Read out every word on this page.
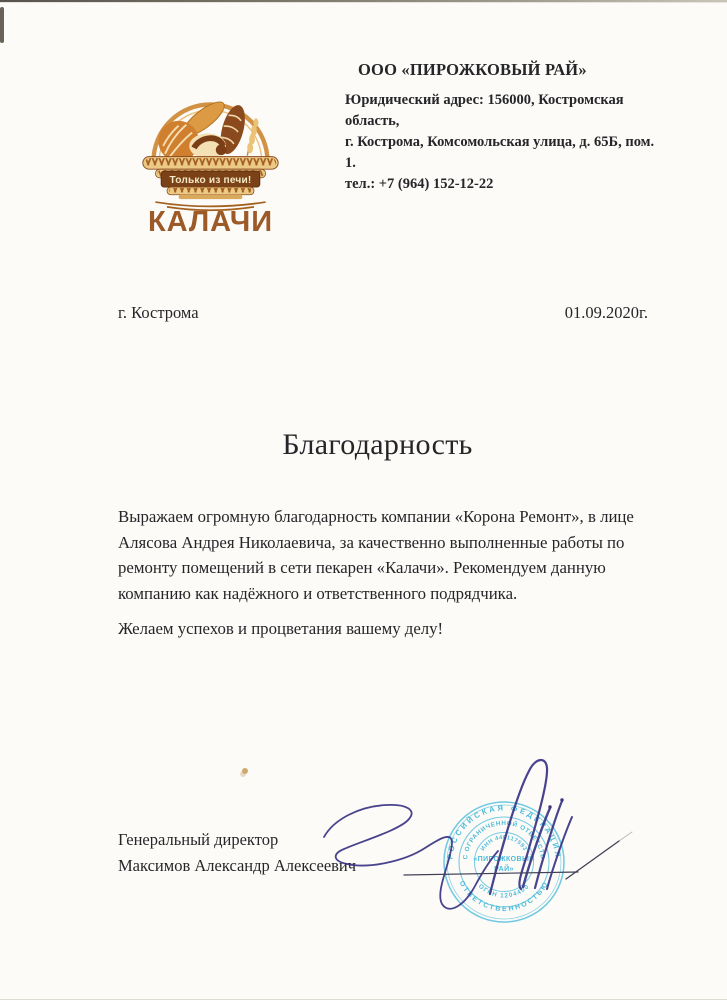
Только из печи!
КАЛАЧИ
ООО «ПИРОЖКОВЫЙ РАЙ»
Юридический адрес: 156000, Костромская область,
г. Кострома, Комсомольская улица, д. 65Б, пом. 1.
тел.: +7 (964) 152-12-22
г. Кострома	01.09.2020г.
Благодарность

Выражаем огромную благодарность компании «Корона Ремонт», в лице Алясова Андрея Николаевича, за качественно выполненные работы по ремонту помещений в сети пекарен «Калачи». Рекомендуем данную компанию как надёжного и ответственного подрядчика.

Желаем успехов и процветания вашему делу!

Генеральный директор
Максимов Александр Алексеевич
РОССИЙСКАЯ ФЕДЕРАЦИЯ
ОТВЕТСТВЕННОСТЬЮ
С ОГРАНИЧЕННОЙ ОТВЕТСТВ
ОГРН 1204400
ИНН 440117593
«ПИРОЖКОВЫЙ
РАЙ»
